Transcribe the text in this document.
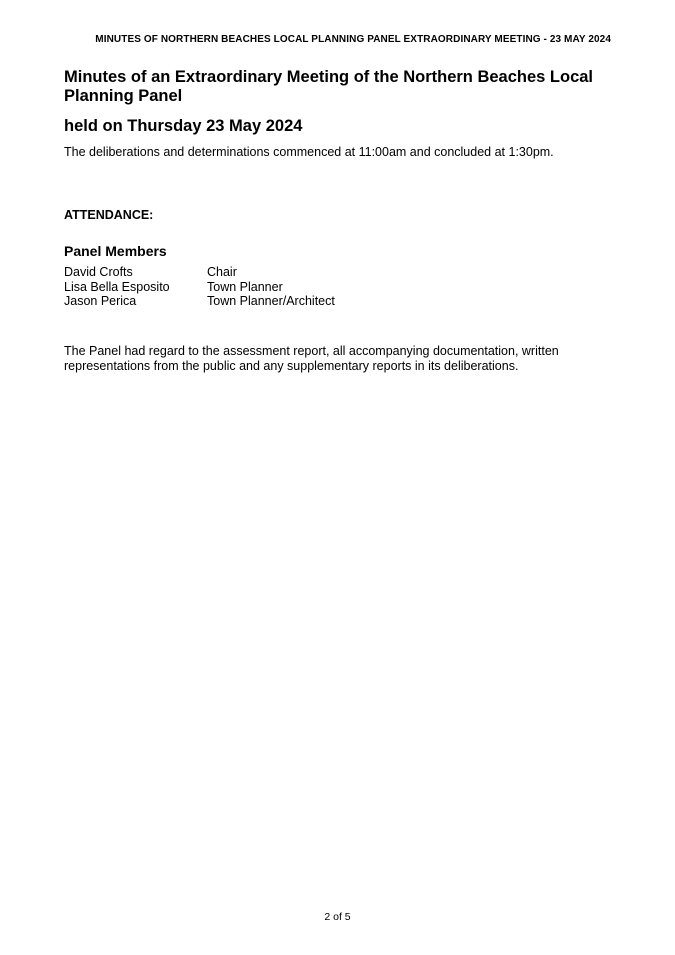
MINUTES OF NORTHERN BEACHES LOCAL PLANNING PANEL EXTRAORDINARY MEETING - 23 MAY 2024
Minutes of an Extraordinary Meeting of the Northern Beaches Local Planning Panel
held on Thursday 23 May 2024
The deliberations and determinations commenced at 11:00am and concluded at 1:30pm.
ATTENDANCE:
Panel Members
David Crofts	Chair
Lisa Bella Esposito	Town Planner
Jason Perica	Town Planner/Architect
The Panel had regard to the assessment report, all accompanying documentation, written representations from the public and any supplementary reports in its deliberations.
2 of 5
